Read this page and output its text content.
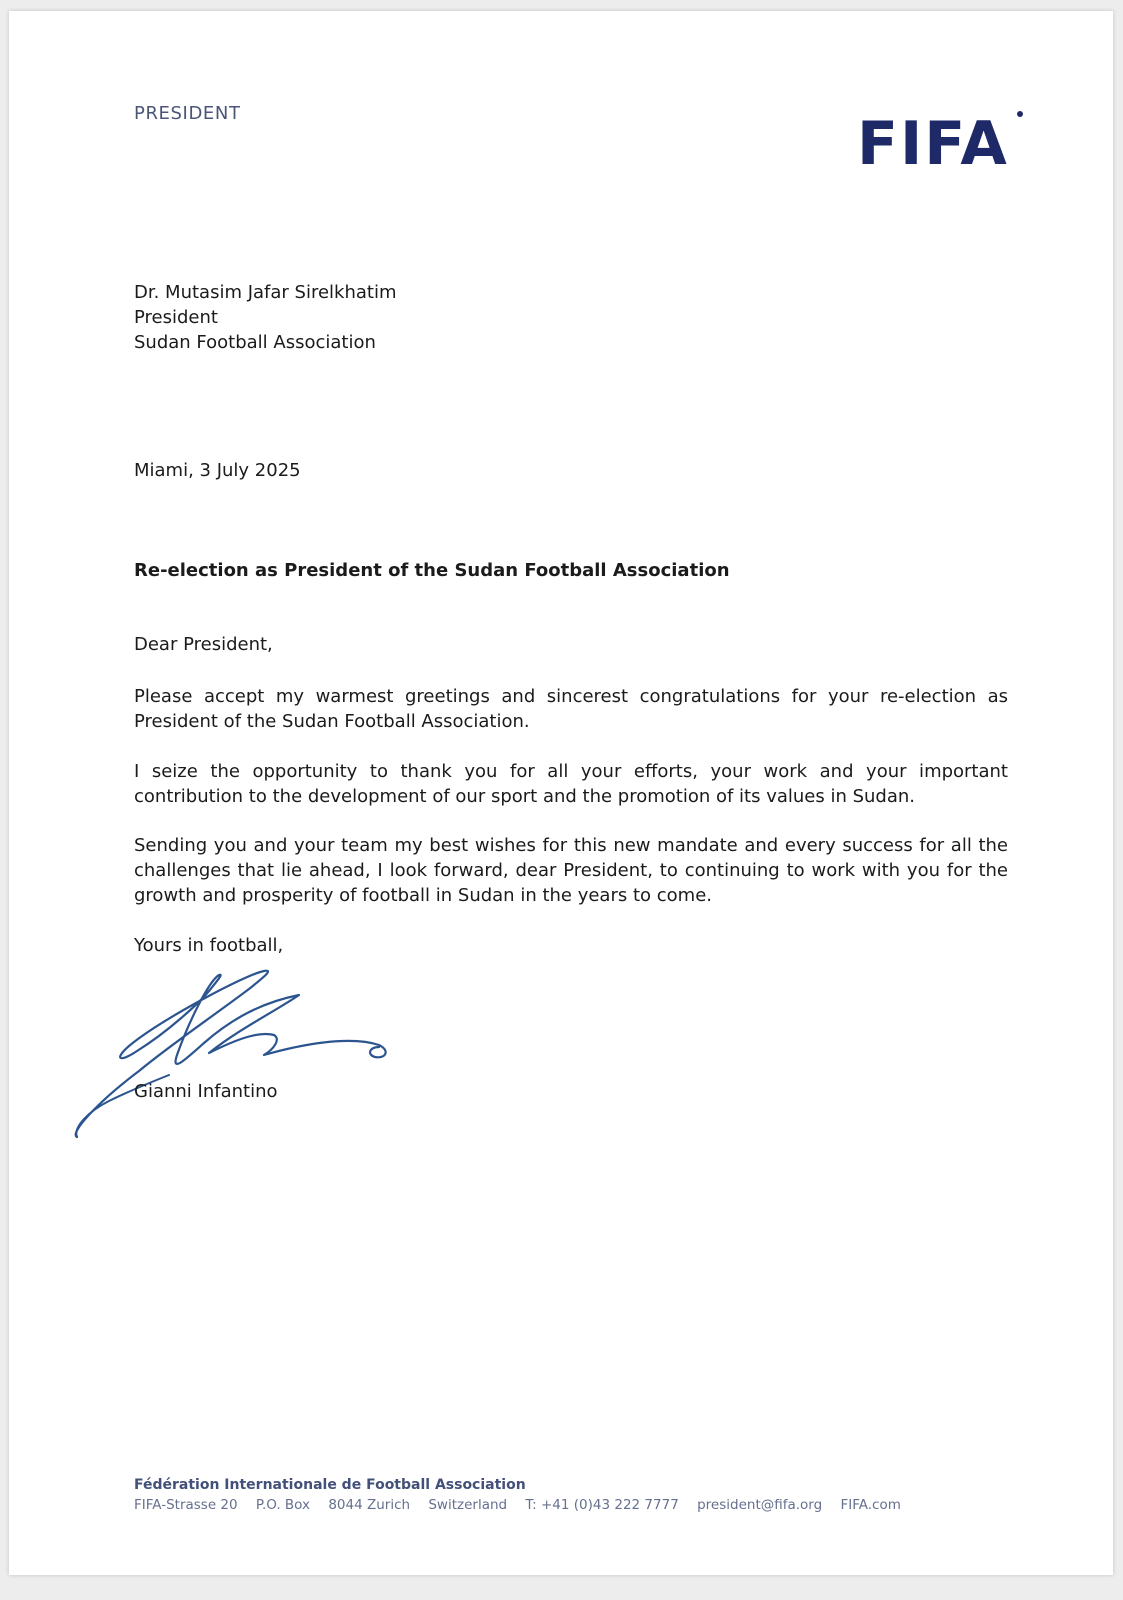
PRESIDENT	FIFA
Dr. Mutasim Jafar Sirelkhatim
President
Sudan Football Association
Miami, 3 July 2025
Re-election as President of the Sudan Football Association
Dear President,
Please accept my warmest greetings and sincerest congratulations for your re-election as President of the Sudan Football Association.
I seize the opportunity to thank you for all your efforts, your work and your important contribution to the development of our sport and the promotion of its values in Sudan.
Sending you and your team my best wishes for this new mandate and every success for all the challenges that lie ahead, I look forward, dear President, to continuing to work with you for the growth and prosperity of football in Sudan in the years to come.
Yours in football,
Gianni Infantino
Fédération Internationale de Football Association
FIFA-Strasse 20 P.O. Box 8044 Zurich Switzerland T: +41 (0)43 222 7777 president@fifa.org FIFA.com
